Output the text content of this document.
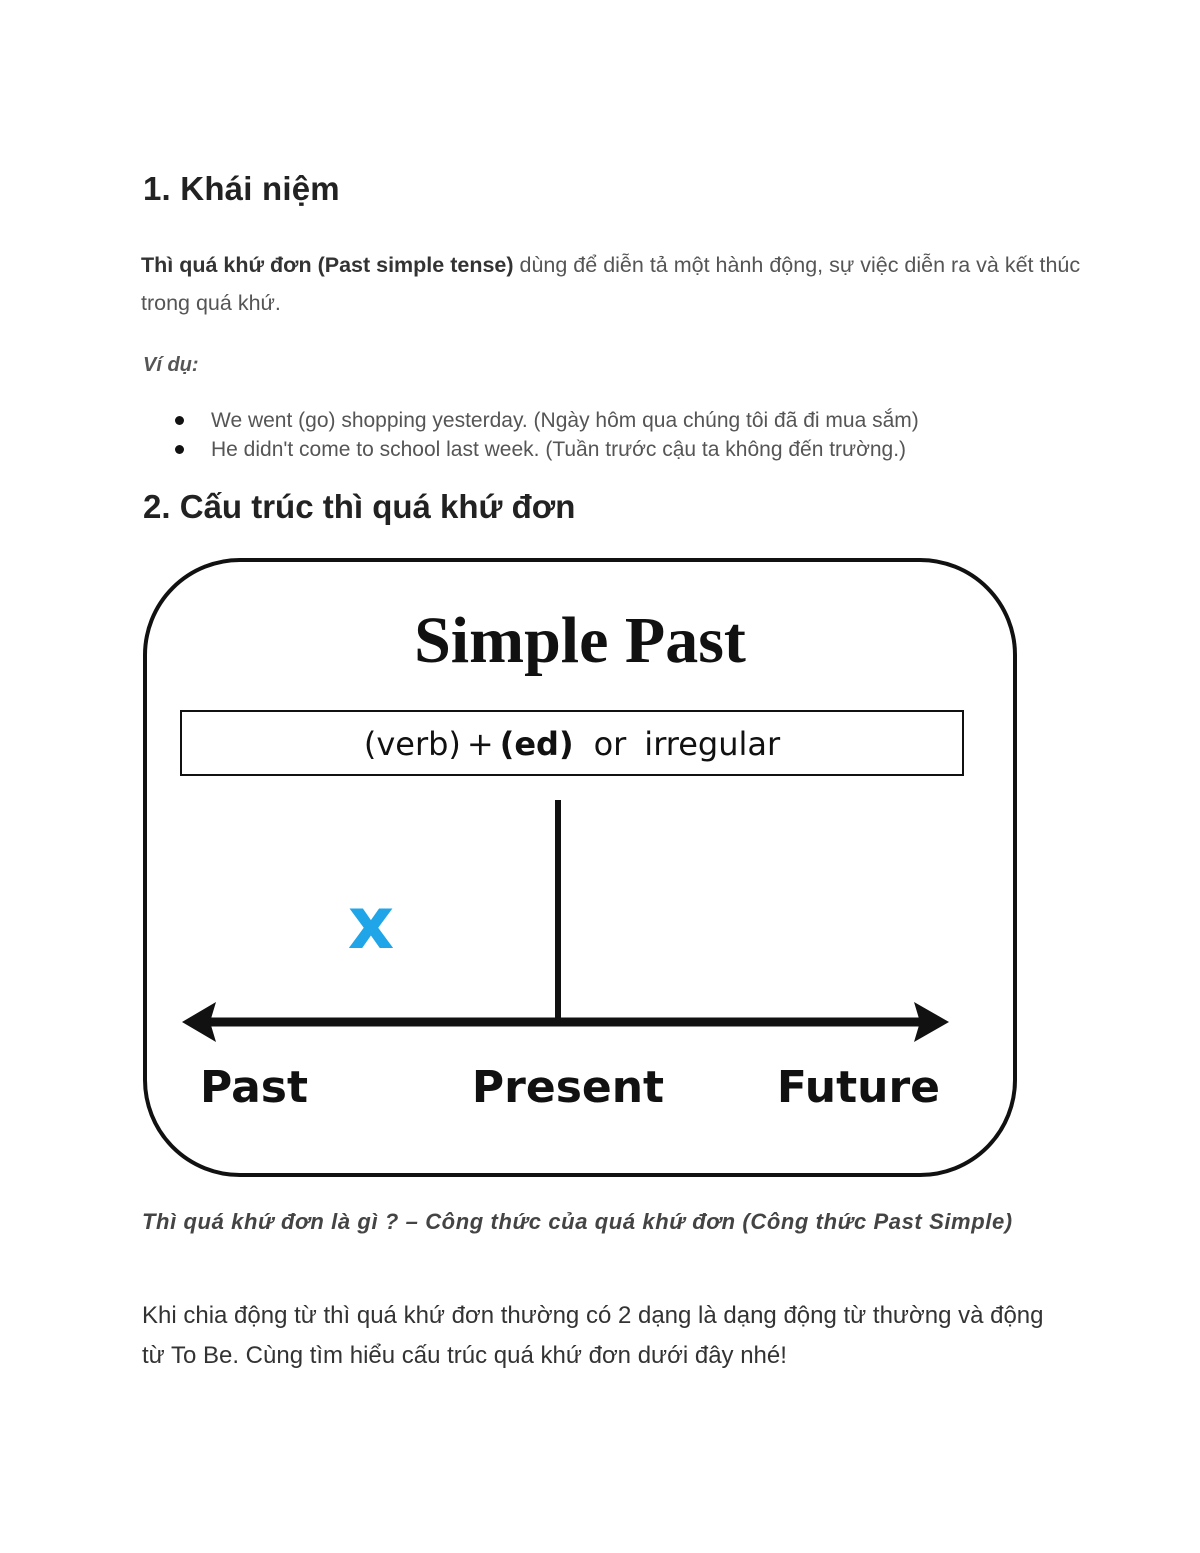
1. Khái niệm

Thì quá khứ đơn (Past simple tense) dùng để diễn tả một hành động, sự việc diễn ra và kết thúc trong quá khứ.

Ví dụ:

We went (go) shopping yesterday. (Ngày hôm qua chúng tôi đã đi mua sắm)
He didn't come to school last week. (Tuần trước cậu ta không đến trường.)
2. Cấu trúc thì quá khứ đơn
Simple Past
(verb) + (ed) or irregular
x
Past	Present	Future

Thì quá khứ đơn là gì ? – Công thức của quá khứ đơn (Công thức Past Simple)

Khi chia động từ thì quá khứ đơn thường có 2 dạng là dạng động từ thường và động từ To Be. Cùng tìm hiểu cấu trúc quá khứ đơn dưới đây nhé!
